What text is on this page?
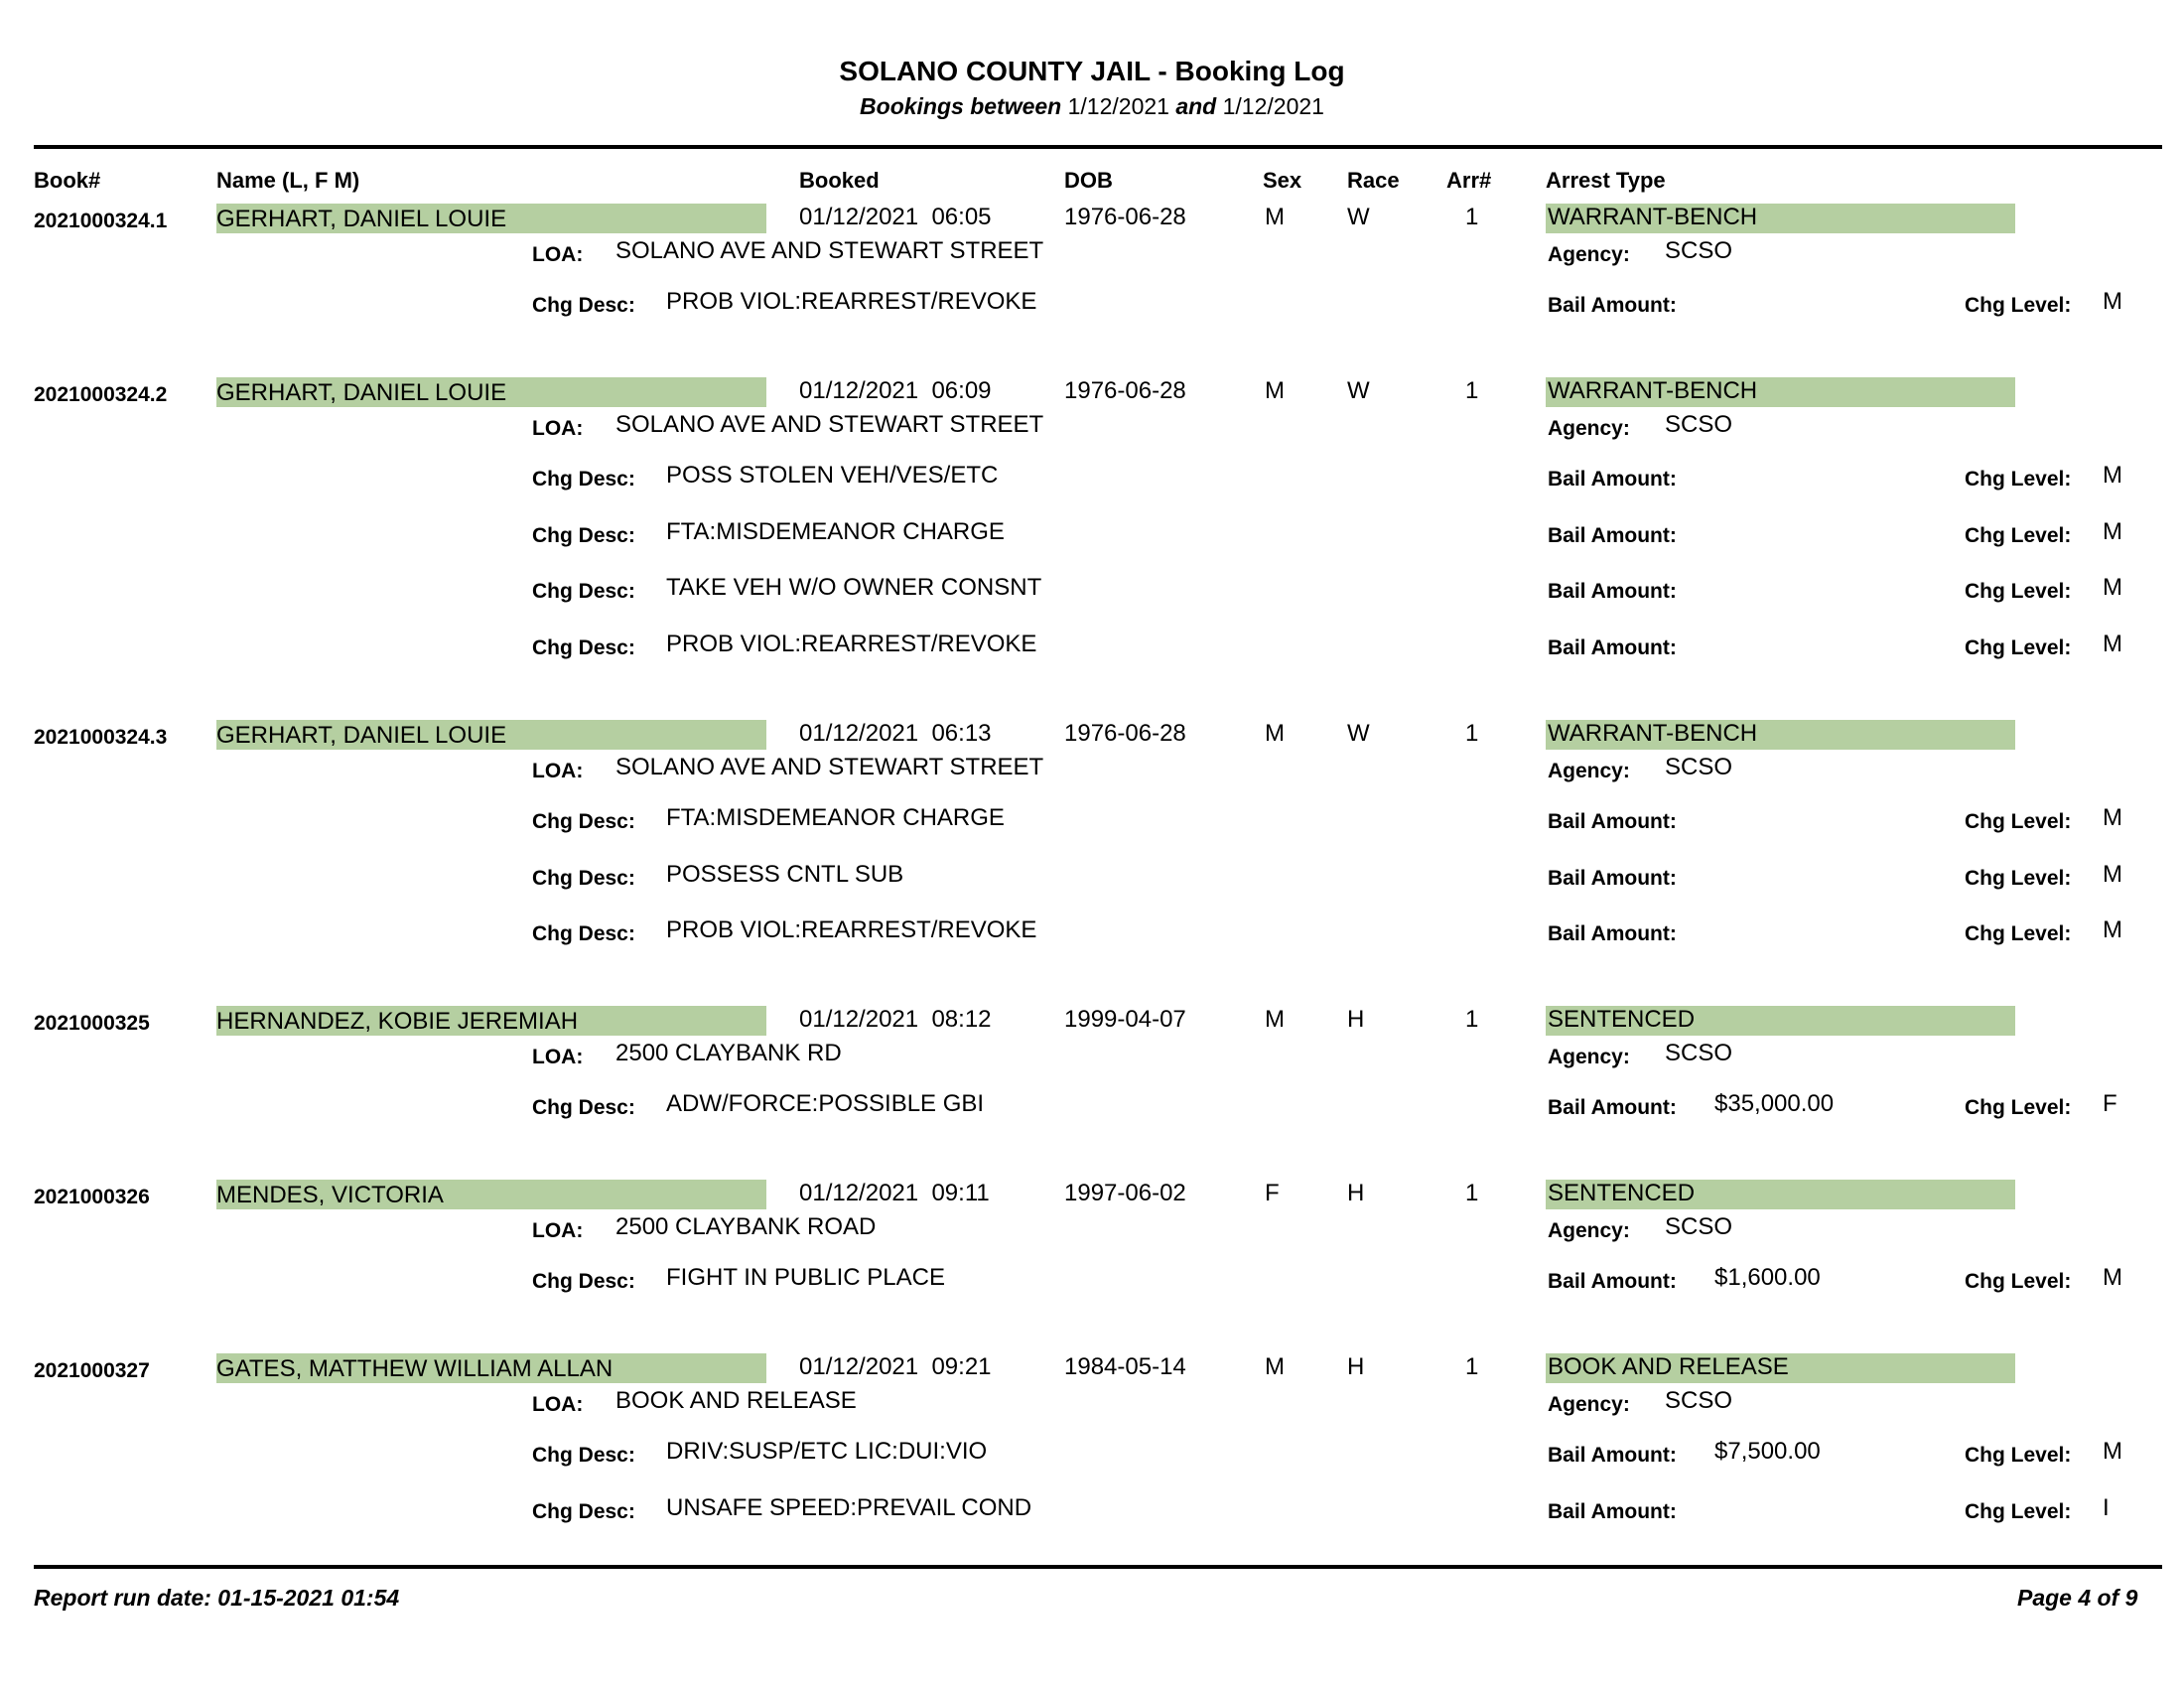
SOLANO COUNTY JAIL - Booking Log
Bookings between 1/12/2021 and 1/12/2021
Book#	Name (L, F M)	Booked	DOB	Sex Race Arr# Arrest Type
2021000324.1 GERHART, DANIEL LOUIE	01/12/2021  06:05	1976-06-28	M	W	1	WARRANT-BENCH
LOA: SOLANO AVE AND STEWART STREET	Agency: SCSO
Chg Desc: PROB VIOL:REARREST/REVOKE	Bail Amount:	Chg Level: M
2021000324.2 GERHART, DANIEL LOUIE	01/12/2021  06:09	1976-06-28	M	W	1	WARRANT-BENCH
LOA: SOLANO AVE AND STEWART STREET	Agency: SCSO
Chg Desc: POSS STOLEN VEH/VES/ETC	Bail Amount:	Chg Level: M
Chg Desc: FTA:MISDEMEANOR CHARGE	Bail Amount:	Chg Level: M
Chg Desc: TAKE VEH W/O OWNER CONSNT	Bail Amount:	Chg Level: M
Chg Desc: PROB VIOL:REARREST/REVOKE	Bail Amount:	Chg Level: M
2021000324.3 GERHART, DANIEL LOUIE	01/12/2021  06:13	1976-06-28	M	W	1	WARRANT-BENCH
LOA: SOLANO AVE AND STEWART STREET	Agency: SCSO
Chg Desc: FTA:MISDEMEANOR CHARGE	Bail Amount:	Chg Level: M
Chg Desc: POSSESS CNTL SUB	Bail Amount:	Chg Level: M
Chg Desc: PROB VIOL:REARREST/REVOKE	Bail Amount:	Chg Level: M
2021000325	HERNANDEZ, KOBIE JEREMIAH	01/12/2021  08:12	1999-04-07	M	H	1	SENTENCED
LOA: 2500 CLAYBANK RD	Agency: SCSO
Chg Desc: ADW/FORCE:POSSIBLE GBI	Bail Amount: $35,000.00	Chg Level: F
2021000326	MENDES, VICTORIA	01/12/2021  09:11	1997-06-02	F	H	1	SENTENCED
LOA: 2500 CLAYBANK ROAD	Agency: SCSO
Chg Desc: FIGHT IN PUBLIC PLACE	Bail Amount: $1,600.00	Chg Level: M
2021000327	GATES, MATTHEW WILLIAM ALLAN	01/12/2021  09:21	1984-05-14	M	H	1	BOOK AND RELEASE
LOA: BOOK AND RELEASE	Agency: SCSO
Chg Desc: DRIV:SUSP/ETC LIC:DUI:VIO	Bail Amount: $7,500.00	Chg Level: M
Chg Desc: UNSAFE SPEED:PREVAIL COND	Bail Amount:	Chg Level: I
Report run date: 01-15-2021 01:54	Page 4 of 9
